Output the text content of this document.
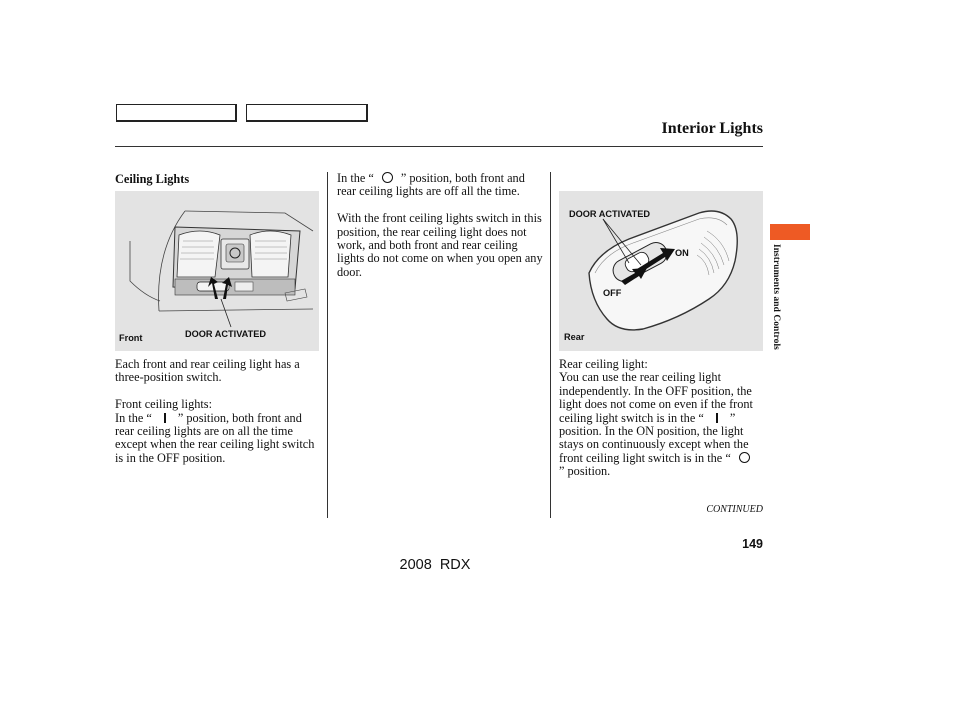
Interior Lights
Ceiling Lights
Front	DOOR ACTIVATED

Each front and rear ceiling light has a three-position switch.

Front ceiling lights:

In the “ ” position, both front and rear ceiling lights are on all the time except when the rear ceiling light switch is in the OFF position.

In the “ ” position, both front and rear ceiling lights are off all the time.

With the front ceiling lights switch in this position, the rear ceiling light does not work, and both front and rear ceiling lights do not come on when you open any door.

DOOR ACTIVATED
ON
OFF
Rear

Rear ceiling light:

You can use the rear ceiling light independently. In the OFF position, the light does not come on even if the front ceiling light switch is in the “ ” position. In the ON position, the light stays on continuously except when the front ceiling light switch is in the “” position.

Instruments and Controls
CONTINUED
149
2008 RDX
